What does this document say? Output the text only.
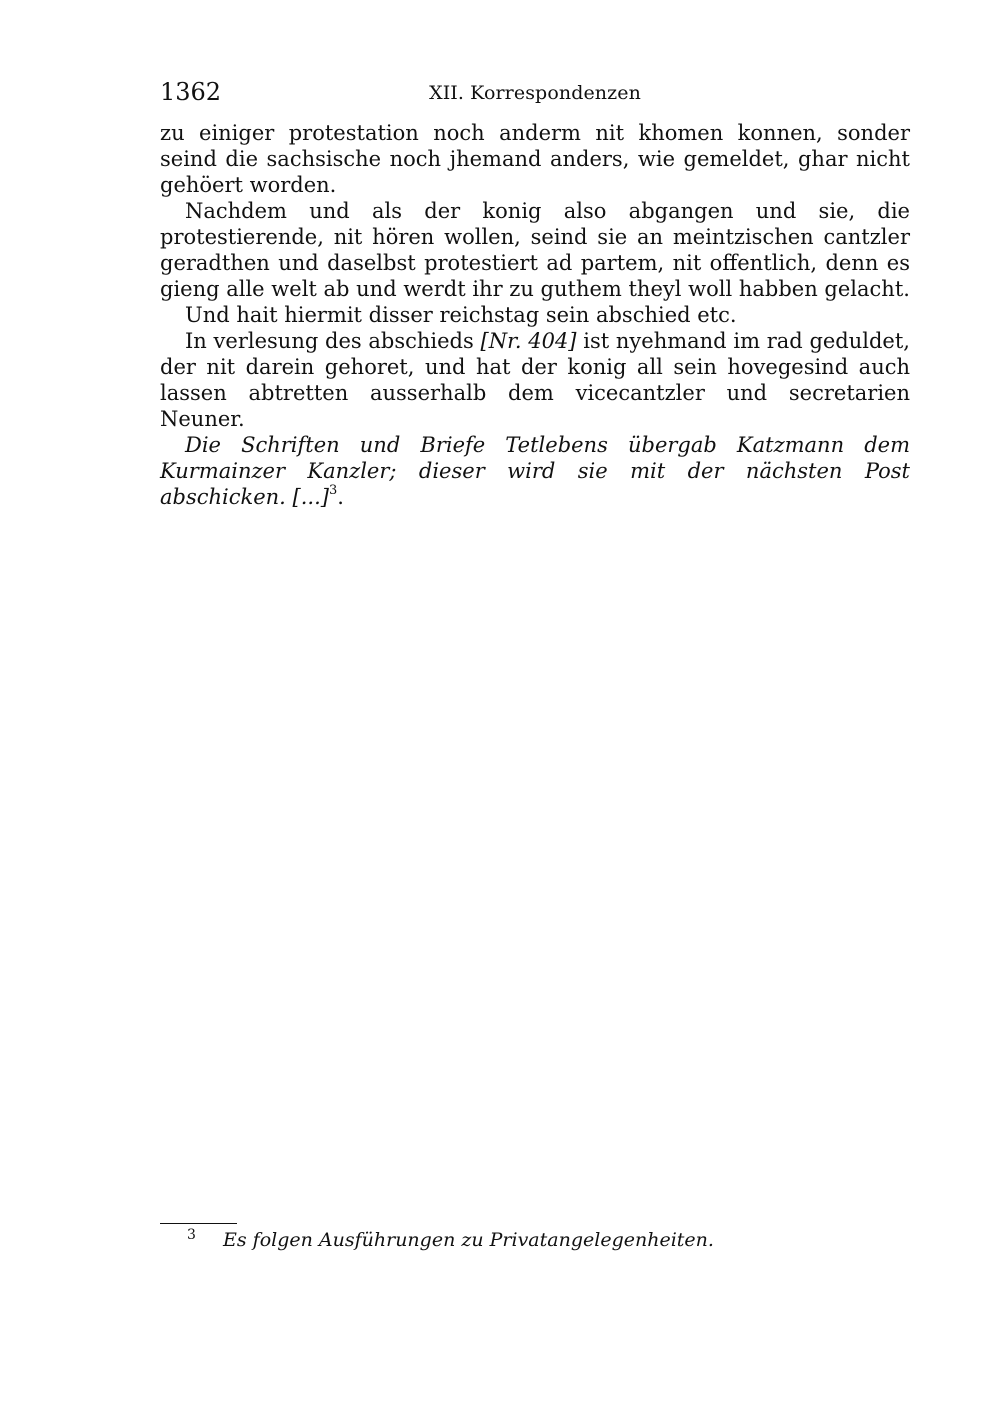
1362	XII. Korrespondenzen

zu einiger protestation noch anderm nit khomen konnen, sonder seind die sachsische noch jhemand anders, wie gemeldet, ghar nicht gehöert worden.

Nachdem und als der konig also abgangen und sie, die protestierende, nit hören wollen, seind sie an meintzischen cantzler geradthen und daselbst protestiert ad partem, nit offentlich, denn es gieng alle welt ab und werdt ihr zu guthem theyl woll habben gelacht.

Und hait hiermit disser reichstag sein abschied etc.

In verlesung des abschieds [Nr. 404] ist nyehmand im rad geduldet, der nit darein gehoret, und hat der konig all sein hovegesind auch lassen abtretten ausserhalb dem vicecantzler und secretarien Neuner.

Die Schriften und Briefe Tetlebens übergab Katzmann dem Kurmainzer Kanzler; dieser wird sie mit der nächsten Post abschicken. [...]$^3$.

3 Es folgen Ausführungen zu Privatangelegenheiten.
